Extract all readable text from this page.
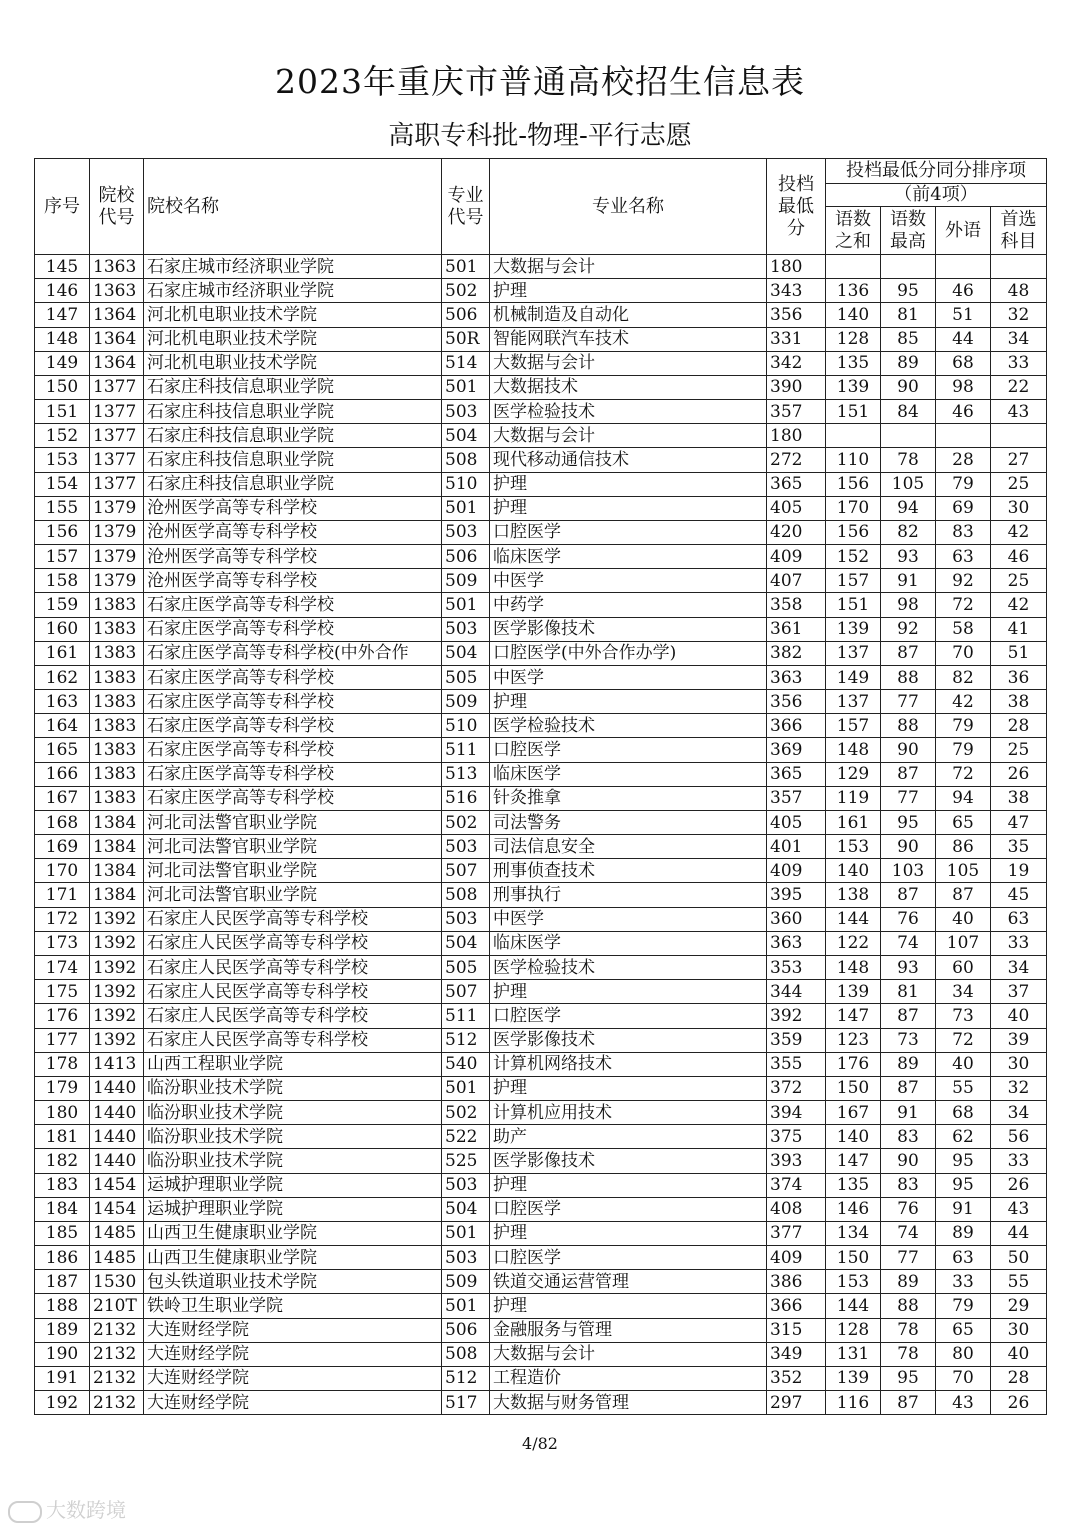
2023年重庆市普通高校招生信息表
高职专科批-物理-平行志愿
序号	院校代号	院校名称	专业代号	专业名称	投档最低分	投档最低分同分排序项			
						（前4项）			
						语数之和	语数最高	外语	首选科目
145	1363	石家庄城市经济职业学院	501	大数据与会计	180				
146	1363	石家庄城市经济职业学院	502	护理	343	136	95	46	48
147	1364	河北机电职业技术学院	506	机械制造及自动化	356	140	81	51	32
148	1364	河北机电职业技术学院	50R	智能网联汽车技术	331	128	85	44	34
149	1364	河北机电职业技术学院	514	大数据与会计	342	135	89	68	33
150	1377	石家庄科技信息职业学院	501	大数据技术	390	139	90	98	22
151	1377	石家庄科技信息职业学院	503	医学检验技术	357	151	84	46	43
152	1377	石家庄科技信息职业学院	504	大数据与会计	180				
153	1377	石家庄科技信息职业学院	508	现代移动通信技术	272	110	78	28	27
154	1377	石家庄科技信息职业学院	510	护理	365	156	105	79	25
155	1379	沧州医学高等专科学校	501	护理	405	170	94	69	30
156	1379	沧州医学高等专科学校	503	口腔医学	420	156	82	83	42
157	1379	沧州医学高等专科学校	506	临床医学	409	152	93	63	46
158	1379	沧州医学高等专科学校	509	中医学	407	157	91	92	25
159	1383	石家庄医学高等专科学校	501	中药学	358	151	98	72	42
160	1383	石家庄医学高等专科学校	503	医学影像技术	361	139	92	58	41
161	1383	石家庄医学高等专科学校(中外合作	504	口腔医学(中外合作办学)	382	137	87	70	51
162	1383	石家庄医学高等专科学校	505	中医学	363	149	88	82	36
163	1383	石家庄医学高等专科学校	509	护理	356	137	77	42	38
164	1383	石家庄医学高等专科学校	510	医学检验技术	366	157	88	79	28
165	1383	石家庄医学高等专科学校	511	口腔医学	369	148	90	79	25
166	1383	石家庄医学高等专科学校	513	临床医学	365	129	87	72	26
167	1383	石家庄医学高等专科学校	516	针灸推拿	357	119	77	94	38
168	1384	河北司法警官职业学院	502	司法警务	405	161	95	65	47
169	1384	河北司法警官职业学院	503	司法信息安全	401	153	90	86	35
170	1384	河北司法警官职业学院	507	刑事侦查技术	409	140	103	105	19
171	1384	河北司法警官职业学院	508	刑事执行	395	138	87	87	45
172	1392	石家庄人民医学高等专科学校	503	中医学	360	144	76	40	63
173	1392	石家庄人民医学高等专科学校	504	临床医学	363	122	74	107	33
174	1392	石家庄人民医学高等专科学校	505	医学检验技术	353	148	93	60	34
175	1392	石家庄人民医学高等专科学校	507	护理	344	139	81	34	37
176	1392	石家庄人民医学高等专科学校	511	口腔医学	392	147	87	73	40
177	1392	石家庄人民医学高等专科学校	512	医学影像技术	359	123	73	72	39
178	1413	山西工程职业学院	540	计算机网络技术	355	176	89	40	30
179	1440	临汾职业技术学院	501	护理	372	150	87	55	32
180	1440	临汾职业技术学院	502	计算机应用技术	394	167	91	68	34
181	1440	临汾职业技术学院	522	助产	375	140	83	62	56
182	1440	临汾职业技术学院	525	医学影像技术	393	147	90	95	33
183	1454	运城护理职业学院	503	护理	374	135	83	95	26
184	1454	运城护理职业学院	504	口腔医学	408	146	76	91	43
185	1485	山西卫生健康职业学院	501	护理	377	134	74	89	44
186	1485	山西卫生健康职业学院	503	口腔医学	409	150	77	63	50
187	1530	包头铁道职业技术学院	509	铁道交通运营管理	386	153	89	33	55
188	210T	铁岭卫生职业学院	501	护理	366	144	88	79	29
189	2132	大连财经学院	506	金融服务与管理	315	128	78	65	30
190	2132	大连财经学院	508	大数据与会计	349	131	78	80	40
191	2132	大连财经学院	512	工程造价	352	139	95	70	28
192	2132	大连财经学院	517	大数据与财务管理	297	116	87	43	26
4/82
大数跨境
